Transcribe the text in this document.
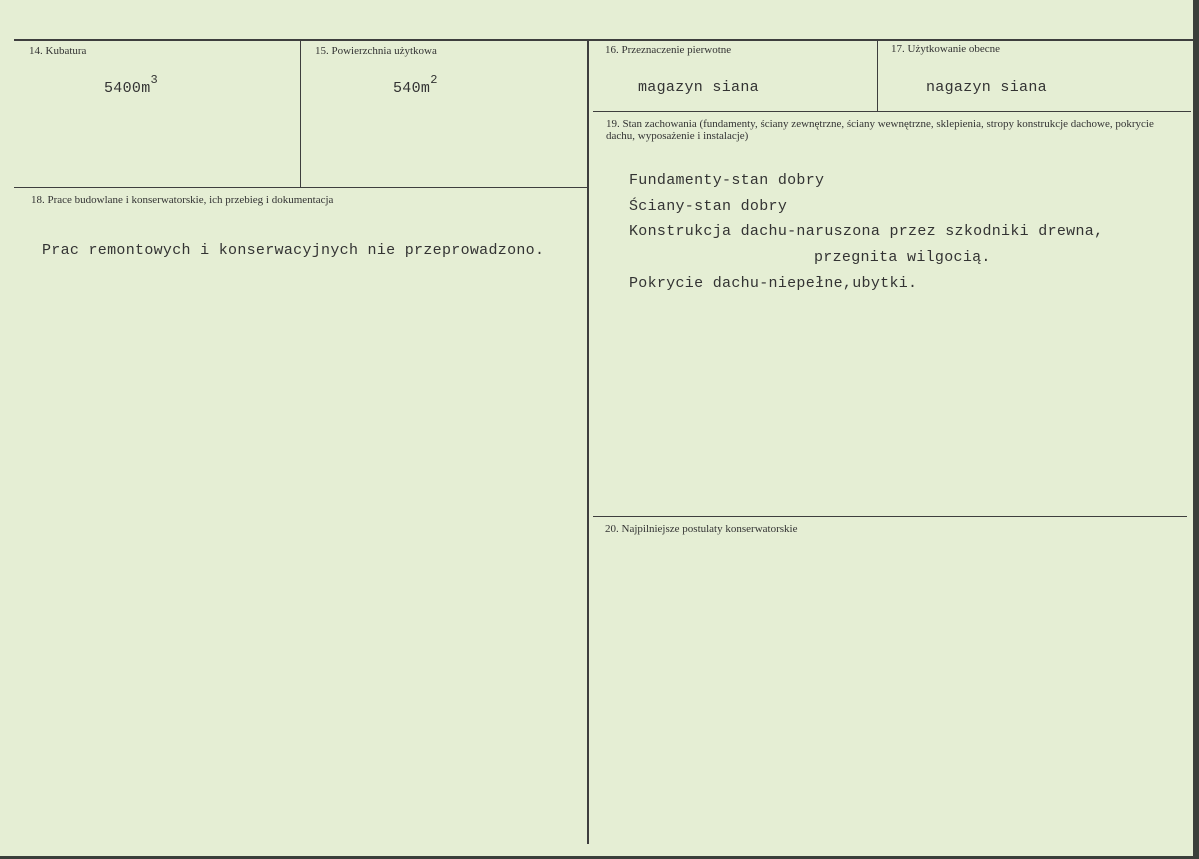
14. Kubatura
$5400m^3$
15. Powierzchnia użytkowa
$540m^2$
16. Przeznaczenie pierwotne
magazyn siana
17. Użytkowanie obecne
nagazyn siana
18. Prace budowlane i konserwatorskie, ich przebieg i dokumentacja
Prac remontowych i konserwacyjnych nie przeprowadzono.
19. Stan zachowania (fundamenty, ściany zewnętrzne, ściany wewnętrzne, sklepienia, stropy konstrukcje dachowe, pokrycie dachu, wyposażenie i instalacje)
Fundamenty-stan dobry
Ściany-stan dobry
Konstrukcja dachu-naruszona przez szkodniki drewna,
przegnita wilgocią.
Pokrycie dachu-niepełne,ubytki.
20. Najpilniejsze postulaty konserwatorskie
